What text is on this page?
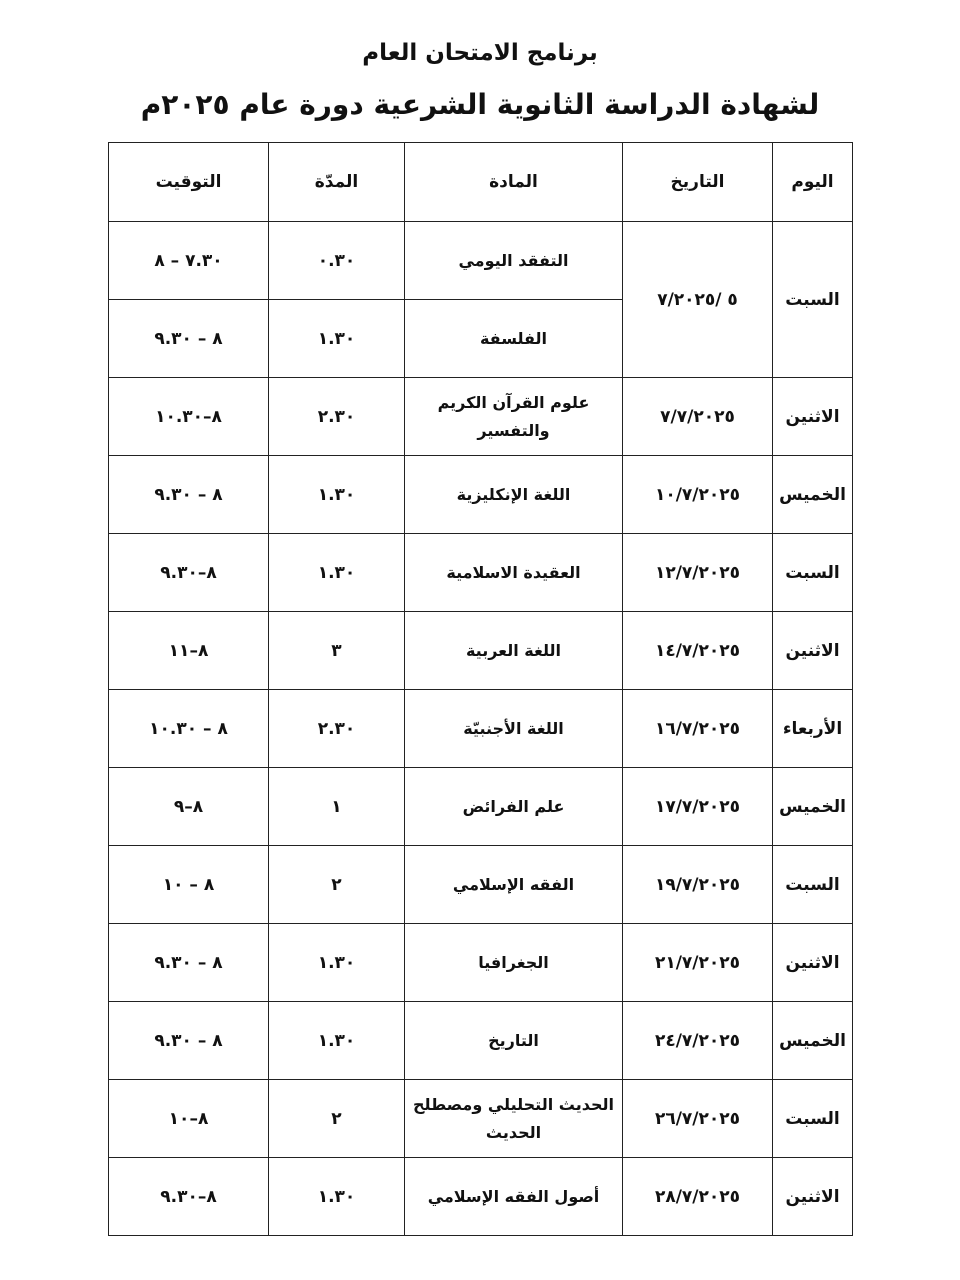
برنامج الامتحان العام
لشهادة الدراسة الثانوية الشرعية دورة عام ٢٠٢٥م
اليوم	التاريخ	المادة	المدّة	التوقيت
السبت	٥ /٧/٢٠٢٥	التفقد اليومي	٠.٣٠	٧.٣٠ – ٨
		الفلسفة	١.٣٠	٨ – ٩.٣٠
الاثنين	٧/٧/٢٠٢٥	علوم القرآن الكريم والتفسير	٢.٣٠	٨–١٠.٣٠
الخميس	١٠/٧/٢٠٢٥	اللغة الإنكليزية	١.٣٠	٨ – ٩.٣٠
السبت	١٢/٧/٢٠٢٥	العقيدة الاسلامية	١.٣٠	٨–٩.٣٠
الاثنين	١٤/٧/٢٠٢٥	اللغة العربية	٣	٨–١١
الأربعاء	١٦/٧/٢٠٢٥	اللغة الأجنبيّة	٢.٣٠	٨ – ١٠.٣٠
الخميس	١٧/٧/٢٠٢٥	علم الفرائض	١	٨–٩
السبت	١٩/٧/٢٠٢٥	الفقه الإسلامي	٢	٨ – ١٠
الاثنين	٢١/٧/٢٠٢٥	الجغرافيا	١.٣٠	٨ – ٩.٣٠
الخميس	٢٤/٧/٢٠٢٥	التاريخ	١.٣٠	٨ – ٩.٣٠
السبت	٢٦/٧/٢٠٢٥	الحديث التحليلي ومصطلح الحديث	٢	٨–١٠
الاثنين	٢٨/٧/٢٠٢٥	أصول الفقه الإسلامي	١.٣٠	٨–٩.٣٠
